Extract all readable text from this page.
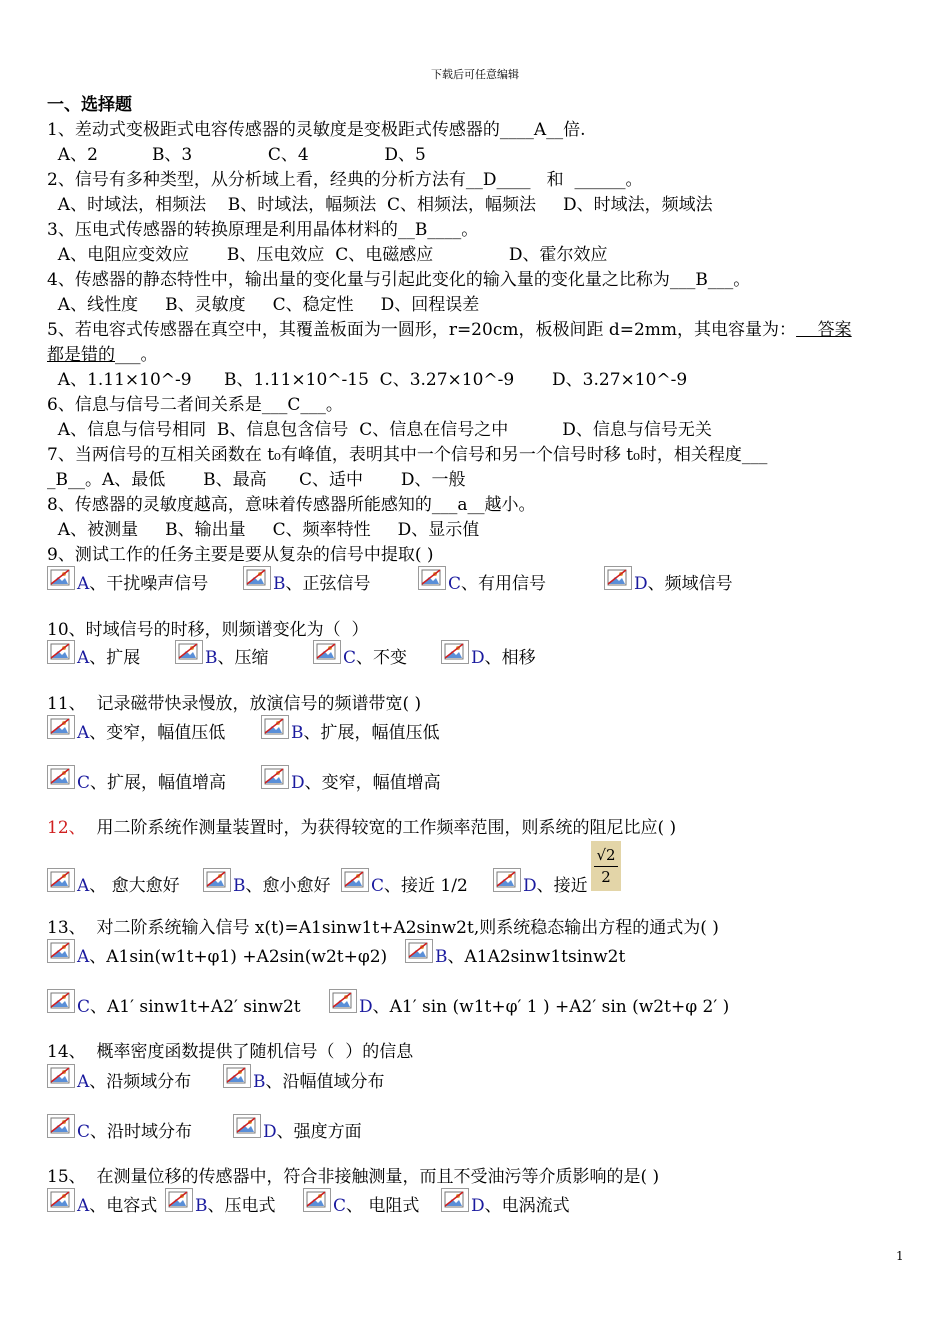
下载后可任意编辑
一、选择题
1、差动式变极距式电容传感器的灵敏度是变极距式传感器的____A__倍.
A、2          B、3              C、4              D、5
2、信号有多种类型，从分析域上看，经典的分析方法有__D____   和  ______。
A、时域法，相频法    B、时域法，幅频法  C、相频法，幅频法     D、时域法，频域法
3、压电式传感器的转换原理是利用晶体材料的__B____。
A、电阻应变效应       B、压电效应  C、电磁感应              D、霍尔效应
4、传感器的静态特性中，输出量的变化量与引起此变化的输入量的变化量之比称为___B___。
A、线性度     B、灵敏度     C、稳定性     D、回程误差
5、若电容式传感器在真空中，其覆盖板面为一圆形，r=20cm，板极间距 d=2mm，其电容量为：    答案
都是错的___。
A、1.11×10^-9      B、1.11×10^-15  C、3.27×10^-9       D、3.27×10^-9
A、信息与信号相同  B、信息包含信号  C、信息在信号之中          D、信息与信号无关
6、信息与信号二者间关系是___C___。
7、当两信号的互相关函数在 t₀有峰值，表明其中一个信号和另一个信号时移 t₀时，相关程度___
_B__。A、最低       B、最高      C、适中       D、一般
8、传感器的灵敏度越高，意味着传感器所能感知的___a__越小。
A、被测量     B、输出量     C、频率特性     D、显示值
9、测试工作的任务主要是要从复杂的信号中提取( )
10、时域信号的时移，则频谱变化为（  ）
11、  记录磁带快录慢放，放演信号的频谱带宽( )
12、  用二阶系统作测量装置时，为获得较宽的工作频率范围，则系统的阻尼比应( )
13、  对二阶系统输入信号 x(t)=A1sinw1t+A2sinw2t,则系统稳态输出方程的通式为( )
14、  概率密度函数提供了随机信号（  ）的信息
15、  在测量位移的传感器中，符合非接触测量，而且不受油污等介质影响的是( )
A、干扰噪声信号	B、正弦信号	C、有用信号	D、频域信号
A、扩展	B、压缩	C、不变	D、相移
A、变窄，幅值压低	B、扩展，幅值压低
C、扩展，幅值增高	D、变窄，幅值增高
A、 愈大愈好	B、愈小愈好 C、接近 1/2	D、接近
A、A1sin(w1t+φ1) +A2sin(w2t+φ2)	B、A1A2sinw1tsinw2t
C、A1′ sinw1t+A2′ sinw2t	D、A1′ sin (w1t+φ′ 1 ) +A2′ sin (w2t+φ 2′ )
A、沿频域分布	B、沿幅值域分布
C、沿时域分布	D、强度方面
A、电容式 B、压电式	C、 电阻式	D、电涡流式
$\frac{√2}{2}$
1
